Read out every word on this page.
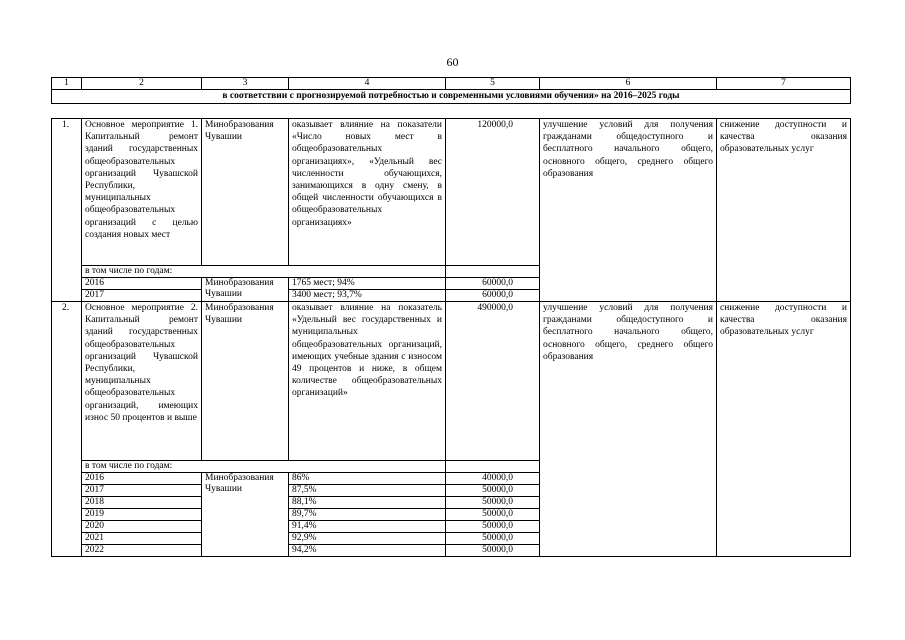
60
1	2	3	4	5	6	7
в соответствии с прогнозируемой потребностью и современными условиями обучения» на 2016–2025 годы						

1.	Основное мероприятие 1. Капитальный ремонт зданий государственных общеобразовательных организаций Чувашской Республики, муниципальных общеобразовательных организаций с целью создания новых мест	Минобразования Чувашии	оказывает влияние на показатели «Число новых мест в общеобразовательных организациях», «Удельный вес численности обучающихся, занимающихся в одну смену, в общей численности обучающихся в общеобразовательных организациях»	120000,0	улучшение условий для получения гражданами общедоступного и бесплатного начального общего, основного общего, среднего общего образования	снижение доступности и качества оказания образовательных услуг
	в том числе по годам:					
	2016	Минобразования Чувашии	1765 мест; 94%	60000,0		
	2017		3400 мест; 93,7%	60000,0		
2.	Основное мероприятие 2. Капитальный ремонт зданий государственных общеобразовательных организаций Чувашской Республики, муниципальных общеобразовательных организаций, имеющих износ 50 процентов и выше	Минобразования Чувашии	оказывает влияние на показатель «Удельный вес государственных и муниципальных общеобразовательных организаций, имеющих учебные здания с износом 49 процентов и ниже, в общем количестве общеобразовательных организаций»	490000,0	улучшение условий для получения гражданами общедоступного и бесплатного начального общего, основного общего, среднего общего образования	снижение доступности и качества оказания образовательных услуг
	в том числе по годам:					
	2016	Минобразования Чувашии	86%	40000,0		
	2017		87,5%	50000,0		
	2018		88,1%	50000,0		
	2019		89,7%	50000,0		
	2020		91,4%	50000,0		
	2021		92,9%	50000,0		
	2022		94,2%	50000,0		
